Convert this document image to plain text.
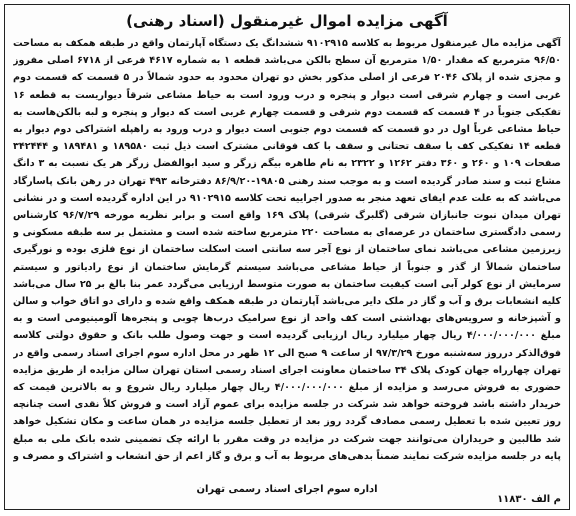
آگهی مزایده اموال غیرمنقول (اسناد رهنی)
آگهی مزایده مال غیرمنقول مربوط به کلاسه ۹۱۰۲۹۱۵ ششدانگ یک دستگاه آپارتمان واقع در طبقه همکف به مساحت ۹۶/۵۰ مترمربع که مقدار ۱/۵۰ مترمربع آن سطح بالکن می‌باشد قطعه ۱ به شماره ۴۶۱۷ فرعی از ۶۷۱۸ اصلی مفروز و مجزی شده از پلاک ۲۰۴۶ فرعی از اصلی مذکور بخش دو تهران محدود به حدود شمالاً در ۵ قسمت که قسمت دوم غربی است و چهارم شرقی است دیوار و پنجره و درب ورود است به حیاط مشاعی شرقاً دیواریست به قطعه ۱۶ تفکیکی جنوباً در ۴ قسمت که قسمت دوم شرقی و قسمت چهارم غربی است که دیوار و پنجره و لبه بالکن‌هاست به حیاط مشاعی غرباً اول در دو قسمت که قسمت دوم جنوبی است دیوار و درب ورود به راهپله اشتراکی دوم دیوار به قطعه ۱۴ تفکیکی کف با سقف تحتانی و سقف با کف فوقانی مشترک است ذیل ثبت ۱۸۹۵۸۰ و ۱۸۹۴۸۱ و ۳۴۲۴۴۴ صفحات ۱۰۹ و ۲۶۰ و ۳۶۰ دفتر ۱۲۶۲ و ۲۳۲۲ به نام طاهره بیگم زرگر و سید ابوالفضل زرگر هر یک نسبت به ۳ دانگ مشاع ثبت و سند صادر گردیده است و به موجب سند رهنی ۱۹۸۰۵-۸۶/۹/۲۰ دفترخانه ۴۹۳ تهران در رهن بانک پاسارگاد می‌باشد که به علت عدم ایفای تعهد منجر به صدور اجراییه تحت کلاسه ۹۱۰۲۹۱۵ در این اداره گردیده است و در نشانی تهران میدان نبوت جانبازان شرقی (گلبرگ شرقی) پلاک ۱۶۹ واقع است و برابر نظریه مورخه ۹۶/۷/۲۹ کارشناس رسمی دادگستری ساختمان در عرصه‌ای به مساحت ۲۲۰ مترمربع ساخته شده است و مشتمل بر سه طبقه مسکونی و زیرزمین مشاعی می‌باشد نمای ساختمان از نوع آجر سه سانتی است اسکلت ساختمان از نوع فلزی بوده و نورگیری ساختمان شمالاً از گذر و جنوباً از حیاط مشاعی می‌باشد سیستم گرمایش ساختمان از نوع رادیاتور و سیستم سرمایش از نوع کولر آبی است کیفیت ساختمان به صورت متوسط ارزیابی می‌گردد عمر بنا بالغ بر ۲۵ سال می‌باشد کلیه انشعابات برق و آب و گاز در ملک دایر می‌باشد آپارتمان در طبقه همکف واقع شده و دارای دو اتاق خواب و سالن و آشپزخانه و سرویس‌های بهداشتی است کف واحد از نوع سرامیک درب‌ها چوبی و پنجره‌ها آلومینیومی است و به مبلغ ۴/۰۰۰/۰۰۰/۰۰۰ ریال چهار میلیارد ریال ارزیابی گردیده است و جهت وصول طلب بانک و حقوق دولتی کلاسه فوق‌الذکر درروز سه‌شنبه مورخ ۹۷/۳/۲۹ از ساعت ۹ صبح الی ۱۲ ظهر در محل اداره سوم اجرای اسناد رسمی واقع در تهران چهارراه جهان کودک پلاک ۳۴ ساختمان معاونت اجرای اسناد رسمی استان تهران سالن مزایده از طریق مزایده حضوری به فروش می‌رسد و مزایده از مبلغ ۴/۰۰۰/۰۰۰/۰۰۰ ریال چهار میلیارد ریال شروع و به بالاترین قیمت که خریدار داشته باشد فروخته خواهد شد شرکت در جلسه مزایده برای عموم آزاد است و فروش کلاً نقدی است چنانچه روز تعیین شده با تعطیل رسمی مصادف گردد روز بعد از تعطیل جلسه مزایده در همان ساعت و مکان تشکیل خواهد شد طالبین و خریداران می‌توانند جهت شرکت در مزایده در وقت مقرر با ارائه چک تضمینی شده بانک ملی به مبلغ پایه در جلسه مزایده شرکت نمایند ضمناً بدهی‌های مربوط به آب و برق و گاز اعم از حق انشعاب و اشتراک و مصرف و
اداره سوم اجرای اسناد رسمی تهران
م الف ۱۱۸۳۰
